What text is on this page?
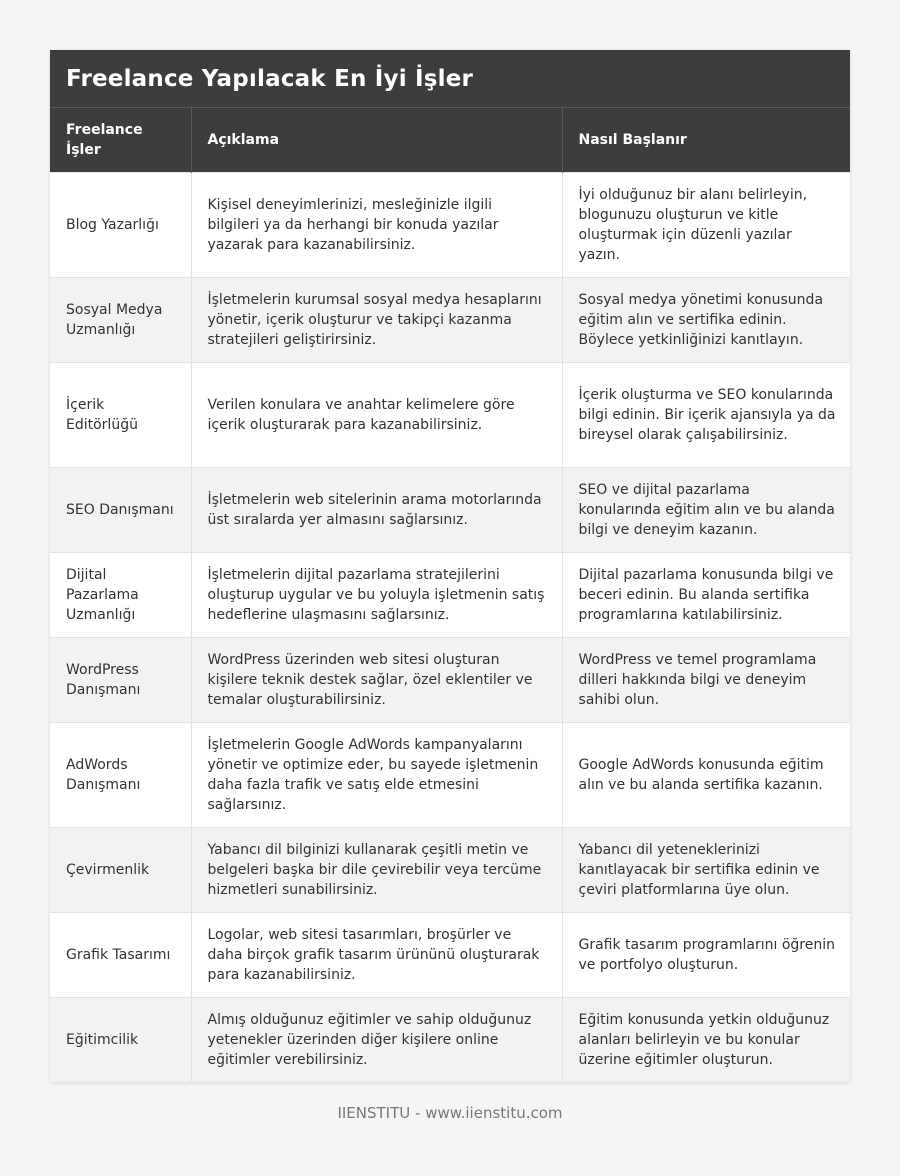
Freelance Yapılacak En İyi İşler
Freelance İşler	Açıklama	Nasıl Başlanır
Blog Yazarlığı	Kişisel deneyimlerinizi, mesleğinizle ilgili bilgileri ya da herhangi bir konuda yazılar yazarak para kazanabilirsiniz.	İyi olduğunuz bir alanı belirleyin, blogunuzu oluşturun ve kitle oluşturmak için düzenli yazılar yazın.
Sosyal Medya Uzmanlığı	İşletmelerin kurumsal sosyal medya hesaplarını yönetir, içerik oluşturur ve takipçi kazanma stratejileri geliştirirsiniz.	Sosyal medya yönetimi konusunda eğitim alın ve sertifika edinin. Böylece yetkinliğinizi kanıtlayın.
İçerik Editörlüğü	Verilen konulara ve anahtar kelimelere göre içerik oluşturarak para kazanabilirsiniz.	İçerik oluşturma ve SEO konularında bilgi edinin. Bir içerik ajansıyla ya da bireysel olarak çalışabilirsiniz.
SEO Danışmanı	İşletmelerin web sitelerinin arama motorlarında üst sıralarda yer almasını sağlarsınız.	SEO ve dijital pazarlama konularında eğitim alın ve bu alanda bilgi ve deneyim kazanın.
Dijital Pazarlama Uzmanlığı	İşletmelerin dijital pazarlama stratejilerini oluşturup uygular ve bu yoluyla işletmenin satış hedeflerine ulaşmasını sağlarsınız.	Dijital pazarlama konusunda bilgi ve beceri edinin. Bu alanda sertifika programlarına katılabilirsiniz.
WordPress Danışmanı	WordPress üzerinden web sitesi oluşturan kişilere teknik destek sağlar, özel eklentiler ve temalar oluşturabilirsiniz.	WordPress ve temel programlama dilleri hakkında bilgi ve deneyim sahibi olun.
AdWords Danışmanı	İşletmelerin Google AdWords kampanyalarını yönetir ve optimize eder, bu sayede işletmenin daha fazla trafik ve satış elde etmesini sağlarsınız.	Google AdWords konusunda eğitim alın ve bu alanda sertifika kazanın.
Çevirmenlik	Yabancı dil bilginizi kullanarak çeşitli metin ve belgeleri başka bir dile çevirebilir veya tercüme hizmetleri sunabilirsiniz.	Yabancı dil yeteneklerinizi kanıtlayacak bir sertifika edinin ve çeviri platformlarına üye olun.
Grafik Tasarımı	Logolar, web sitesi tasarımları, broşürler ve daha birçok grafik tasarım ürününü oluşturarak para kazanabilirsiniz.	Grafik tasarım programlarını öğrenin ve portfolyo oluşturun.
Eğitimcilik	Almış olduğunuz eğitimler ve sahip olduğunuz yetenekler üzerinden diğer kişilere online eğitimler verebilirsiniz.	Eğitim konusunda yetkin olduğunuz alanları belirleyin ve bu konular üzerine eğitimler oluşturun.
IIENSTITU - www.iienstitu.com
